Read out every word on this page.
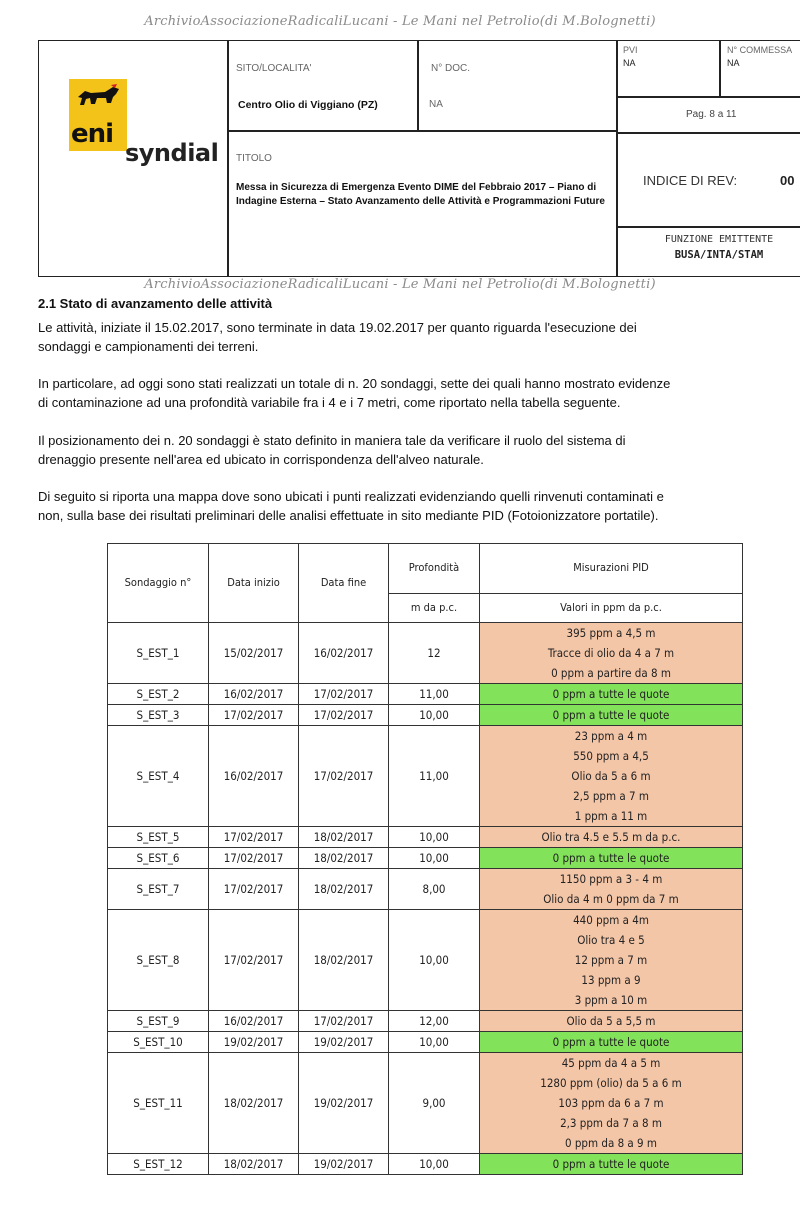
ArchivioAssociazioneRadicaliLucani - Le Mani nel Petrolio(di M.Bolognetti)
eni
syndial
SITO/LOCALITA'
Centro Olio di Viggiano (PZ)
N° DOC.
NA
PVI
NA
N° COMMESSA
NA
Pag. 8 a 11
TITOLO
Messa in Sicurezza di Emergenza Evento DIME del Febbraio 2017 – Piano di Indagine Esterna – Stato Avanzamento delle Attività e Programmazioni Future
INDICE DI REV:	00
FUNZIONE EMITTENTE
BUSA/INTA/STAM
ArchivioAssociazioneRadicaliLucani - Le Mani nel Petrolio(di M.Bolognetti)
2.1 Stato di avanzamento delle attività
Le attività, iniziate il 15.02.2017, sono terminate in data 19.02.2017 per quanto riguarda l'esecuzione dei
sondaggi e campionamenti dei terreni.
In particolare, ad oggi sono stati realizzati un totale di n. 20 sondaggi, sette dei quali hanno mostrato evidenze
di contaminazione ad una profondità variabile fra i 4 e i 7 metri, come riportato nella tabella seguente.
Il posizionamento dei n. 20 sondaggi è stato definito in maniera tale da verificare il ruolo del sistema di
drenaggio presente nell'area ed ubicato in corrispondenza dell'alveo naturale.
Di seguito si riporta una mappa dove sono ubicati i punti realizzati evidenziando quelli rinvenuti contaminati e
non, sulla base dei risultati preliminari delle analisi effettuate in sito mediante PID (Fotoionizzatore portatile).
Sondaggio n°	Data inizio	Data fine	Profondità	Misurazioni PID
			m da p.c.	Valori in ppm da p.c.
S_EST_1	15/02/2017	16/02/2017	12	395 ppm a 4,5 m
Tracce di olio da 4 a 7 m
0 ppm a partire da 8 m

S_EST_2	16/02/2017	17/02/2017	11,00	0 ppm a tutte le quote

S_EST_3	17/02/2017	17/02/2017	10,00	0 ppm a tutte le quote

S_EST_4	16/02/2017	17/02/2017	11,00	23 ppm a 4 m
550 ppm a 4,5
Olio da 5 a 6 m
2,5 ppm a 7 m
1 ppm a 11 m

S_EST_5	17/02/2017	18/02/2017	10,00	Olio tra 4.5 e 5.5 m da p.c.

S_EST_6	17/02/2017	18/02/2017	10,00	0 ppm a tutte le quote

S_EST_7	17/02/2017	18/02/2017	8,00	1150 ppm a 3 - 4 m
Olio da 4 m 0 ppm da 7 m

S_EST_8	17/02/2017	18/02/2017	10,00	440 ppm a 4m
Olio tra 4 e 5
12 ppm a 7 m
13 ppm a 9
3 ppm a 10 m

S_EST_9	16/02/2017	17/02/2017	12,00	Olio da 5 a 5,5 m

S_EST_10	19/02/2017	19/02/2017	10,00	0 ppm a tutte le quote

S_EST_11	18/02/2017	19/02/2017	9,00	45 ppm da 4 a 5 m
1280 ppm (olio) da 5 a 6 m
103 ppm da 6 a 7 m
2,3 ppm da 7 a 8 m
0 ppm da 8 a 9 m

S_EST_12	18/02/2017	19/02/2017	10,00	0 ppm a tutte le quote
